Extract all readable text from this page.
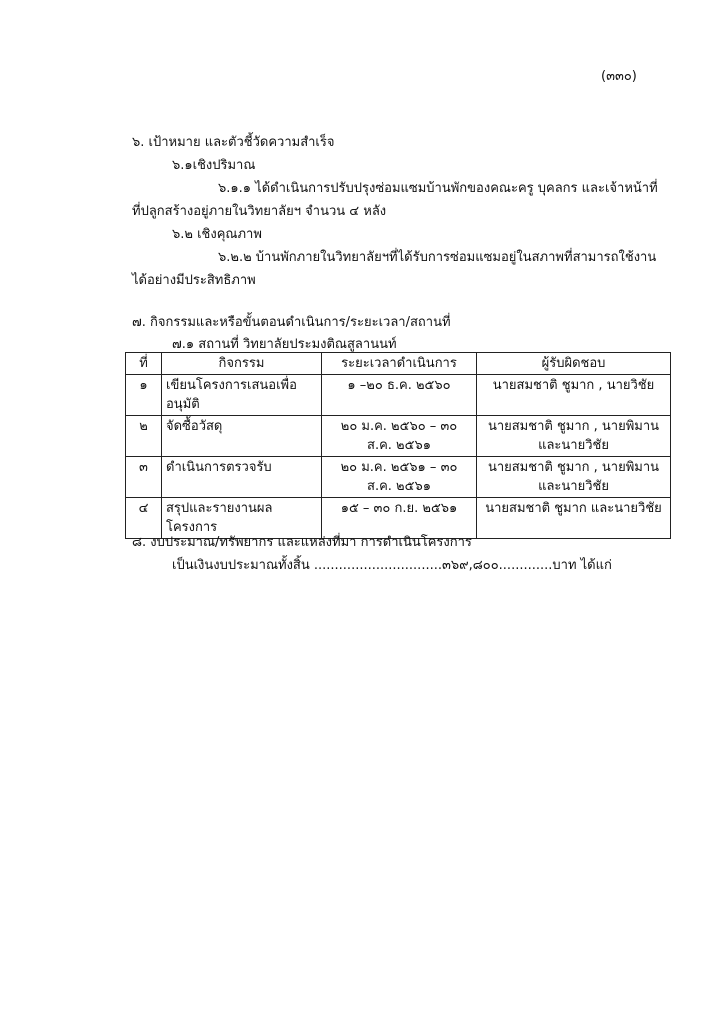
(๓๓๐)
๖. เป้าหมาย และตัวชี้วัดความสำเร็จ
๖.๑เชิงปริมาณ
๖.๑.๑ ได้ดำเนินการปรับปรุงซ่อมแซมบ้านพักของคณะครู บุคลกร และเจ้าหน้าที่
ที่ปลูกสร้างอยู่ภายในวิทยาลัยฯ จำนวน ๔ หลัง
๖.๒ เชิงคุณภาพ
๖.๒.๒ บ้านพักภายในวิทยาลัยฯที่ได้รับการซ่อมแซมอยู่ในสภาพที่สามารถใช้งาน
ได้อย่างมีประสิทธิภาพ
๗. กิจกรรมและหรือขั้นตอนดำเนินการ/ระยะเวลา/สถานที่
๗.๑ สถานที่ วิทยาลัยประมงติณสูลานนท์
ที่	กิจกรรม	ระยะเวลาดำเนินการ	ผู้รับผิดชอบ
๑	เขียนโครงการเสนอเพื่ออนุมัติ	๑ –๒๐ ธ.ค. ๒๕๖๐	นายสมชาติ ชูมาก , นายวิชัย

๒	จัดซื้อวัสดุ	๒๐ ม.ค. ๒๕๖๐ – ๓๐
ส.ค. ๒๕๖๑	นายสมชาติ ชูมาก , นายพิมาน
และนายวิชัย

๓	ดำเนินการตรวจรับ	๒๐ ม.ค. ๒๕๖๑ – ๓๐
ส.ค. ๒๕๖๑	นายสมชาติ ชูมาก , นายพิมาน
และนายวิชัย

๔	สรุปและรายงานผลโครงการ	๑๕ – ๓๐ ก.ย. ๒๕๖๑	นายสมชาติ ชูมาก และนายวิชัย
๘. งบประมาณ/ทรัพยากร และแหล่งที่มา การดำเนินโครงการ
เป็นเงินงบประมาณทั้งสิ้น ...............................๓๖๙,๘๐๐.............บาท ได้แก่
